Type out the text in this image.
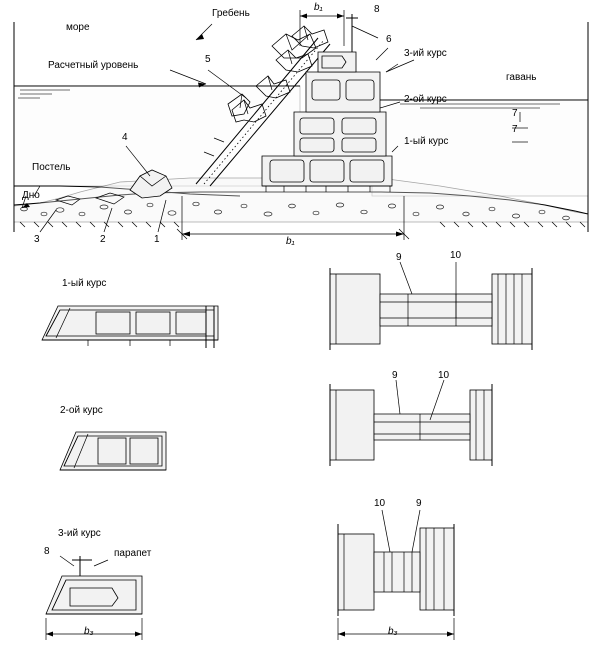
море
гавань
Расчетный уровень
Гребень
Постель
Дно
1-ый курс
2-ой курс
3-ий курс
3	2	1
4
5
6
8
7
7
b₁
b₁
1-ый курс
2-ой курс
3-ий курс
8	парапет
9	10
9	10
10	9
b₃	b₃
